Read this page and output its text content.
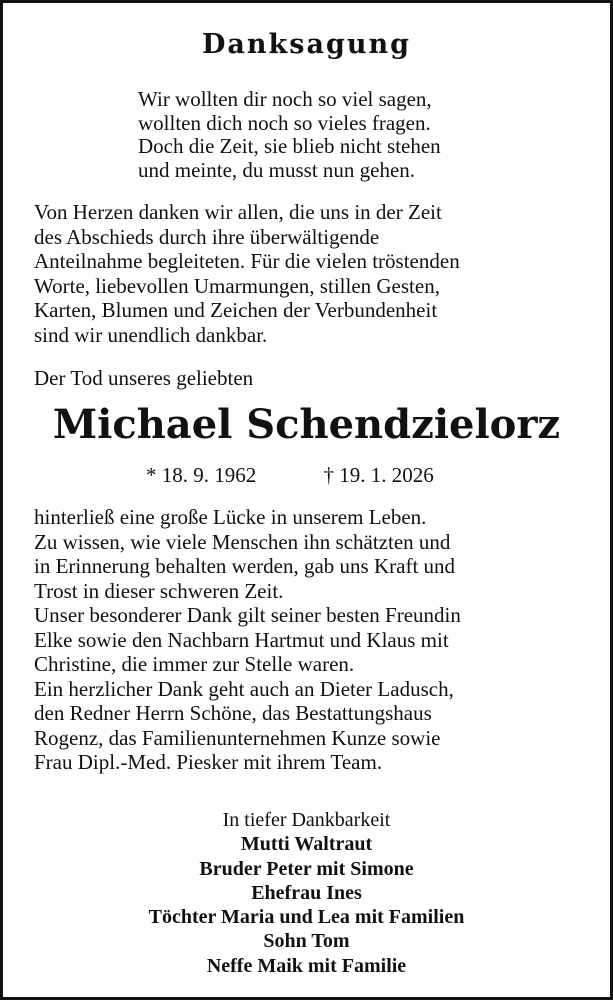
Danksagung
Wir wollten dir noch so viel sagen,
wollten dich noch so vieles fragen.
Doch die Zeit, sie blieb nicht stehen
und meinte, du musst nun gehen.
Von Herzen danken wir allen, die uns in der Zeit
des Abschieds durch ihre überwältigende
Anteilnahme begleiteten. Für die vielen tröstenden
Worte, liebevollen Umarmungen, stillen Gesten,
Karten, Blumen und Zeichen der Verbundenheit
sind wir unendlich dankbar.
Der Tod unseres geliebten
Michael Schendzielorz
* 18. 9. 1962	† 19. 1. 2026
hinterließ eine große Lücke in unserem Leben.
Zu wissen, wie viele Menschen ihn schätzten und
in Erinnerung behalten werden, gab uns Kraft und
Trost in dieser schweren Zeit.
Unser besonderer Dank gilt seiner besten Freundin
Elke sowie den Nachbarn Hartmut und Klaus mit
Christine, die immer zur Stelle waren.
Ein herzlicher Dank geht auch an Dieter Ladusch,
den Redner Herrn Schöne, das Bestattungshaus
Rogenz, das Familienunternehmen Kunze sowie
Frau Dipl.-Med. Piesker mit ihrem Team.
In tiefer Dankbarkeit
Mutti Waltraut
Bruder Peter mit Simone
Ehefrau Ines
Töchter Maria und Lea mit Familien
Sohn Tom
Neffe Maik mit Familie
